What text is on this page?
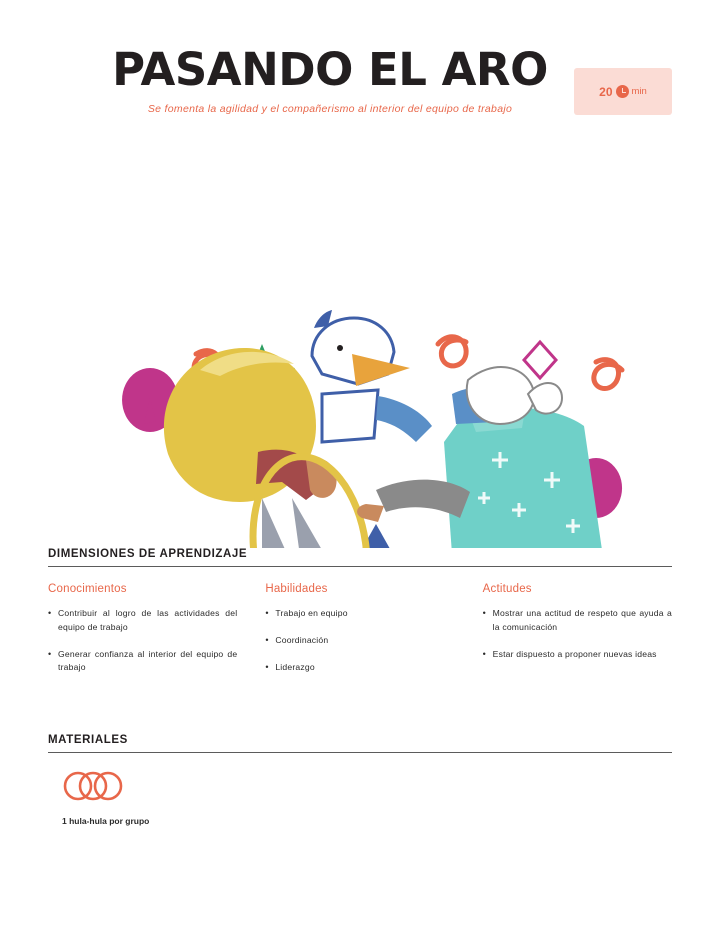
PASANDO EL ARO
Se fomenta la agilidad y el compañerismo al interior del equipo de trabajo
20 min
DIMENSIONES DE APRENDIZAJE
Conocimientos
• Contribuir al logro de las actividades del equipo de trabajo
• Generar confianza al interior del equipo de trabajo
Habilidades
• Trabajo en equipo
• Coordinación
• Liderazgo
Actitudes
• Mostrar una actitud de respeto que ayuda a la comunicación
• Estar dispuesto a proponer nuevas ideas
MATERIALES
1 hula-hula por grupo
